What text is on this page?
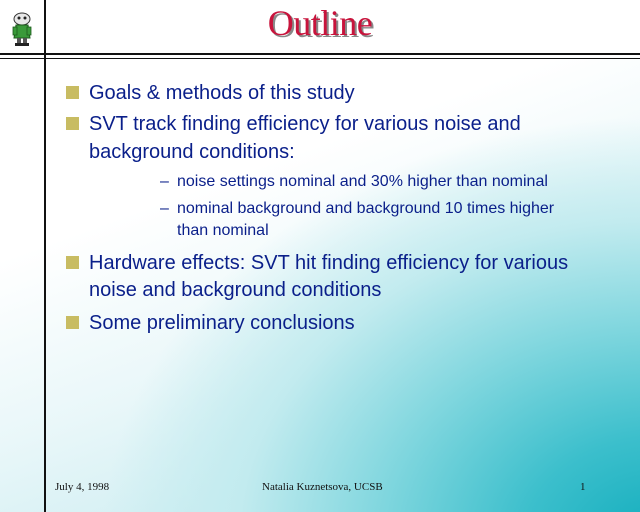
Outline
Goals & methods of this study
SVT track finding efficiency for various noise and
background conditions:
– noise settings nominal and 30% higher than nominal
– nominal background and background 10 times higher
than nominal
Hardware effects: SVT hit finding efficiency for various
noise and background conditions
Some preliminary conclusions
July 4, 1998	Natalia Kuznetsova, UCSB	1
